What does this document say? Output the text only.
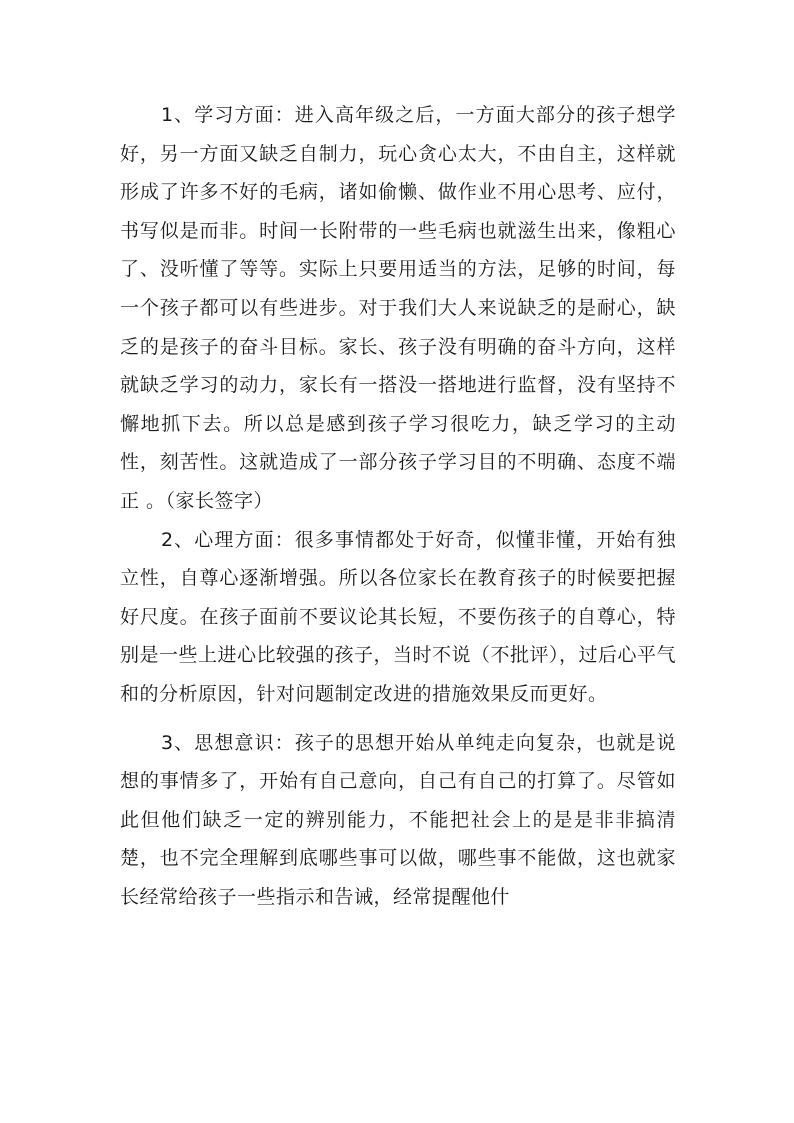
1、学习方面：进入高年级之后，一方面大部分的孩子想学好，另一方面又缺乏自制力，玩心贪心太大，不由自主，这样就形成了许多不好的毛病，诸如偷懒、做作业不用心思考、应付，书写似是而非。时间一长附带的一些毛病也就滋生出来，像粗心了、没听懂了等等。实际上只要用适当的方法，足够的时间，每一个孩子都可以有些进步。对于我们大人来说缺乏的是耐心，缺乏的是孩子的奋斗目标。家长、孩子没有明确的奋斗方向，这样就缺乏学习的动力，家长有一搭没一搭地进行监督，没有坚持不懈地抓下去。所以总是感到孩子学习很吃力，缺乏学习的主动性，刻苦性。这就造成了一部分孩子学习目的不明确、态度不端正 。（家长签字）

2、心理方面：很多事情都处于好奇，似懂非懂，开始有独立性，自尊心逐渐增强。所以各位家长在教育孩子的时候要把握好尺度。在孩子面前不要议论其长短，不要伤孩子的自尊心，特别是一些上进心比较强的孩子，当时不说（不批评），过后心平气和的分析原因，针对问题制定改进的措施效果反而更好。

3、思想意识：孩子的思想开始从单纯走向复杂，也就是说想的事情多了，开始有自己意向，自己有自己的打算了。尽管如此但他们缺乏一定的辨别能力，不能把社会上的是是非非搞清楚，也不完全理解到底哪些事可以做，哪些事不能做，这也就家长经常给孩子一些指示和告诫，经常提醒他什
